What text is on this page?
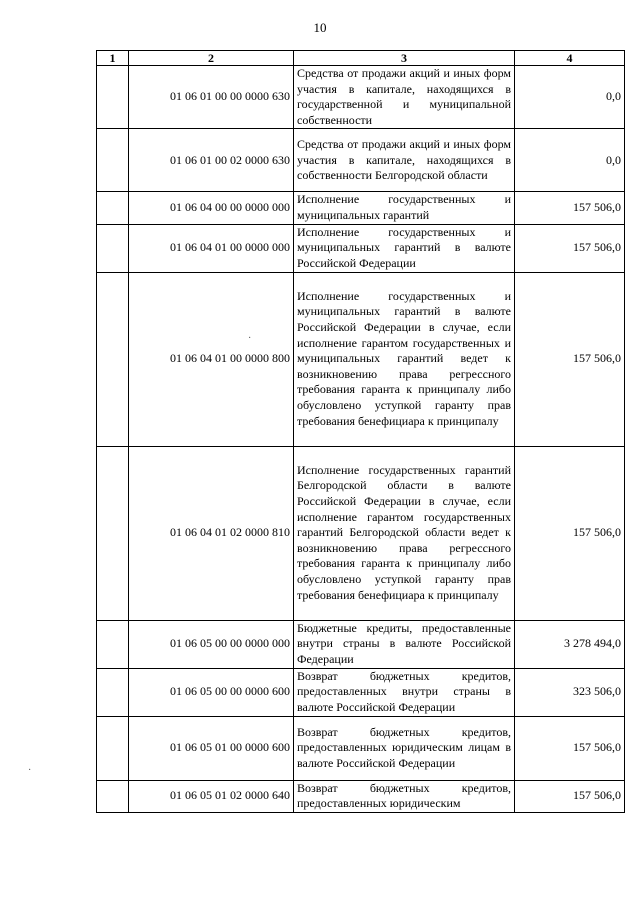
10
1	2	3	4
	01 06 01 00 00 0000 630	Средства от продажи акций и иных форм участия в капитале, находящихся в государственной и муниципальной собственности	0,0
	01 06 01 00 02 0000 630	Средства от продажи акций и иных форм участия в капитале, находящихся в собственности Белгородской области	0,0
	01 06 04 00 00 0000 000	Исполнение государственных и муниципальных гарантий	157 506,0
	01 06 04 01 00 0000 000	Исполнение государственных и муниципальных гарантий в валюте Российской Федерации	157 506,0
	01 06 04 01 00 0000 800	Исполнение государственных и муниципальных гарантий в валюте Российской Федерации в случае, если исполнение гарантом государственных и муниципальных гарантий ведет к возникновению права регрессного требования гаранта к принципалу либо обусловлено уступкой гаранту прав требования бенефициара к принципалу	157 506,0
	01 06 04 01 02 0000 810	Исполнение государственных гарантий Белгородской области в валюте Российской Федерации в случае, если исполнение гарантом государственных гарантий Белгородской области ведет к возникновению права регрессного требования гаранта к принципалу либо обусловлено уступкой гаранту прав требования бенефициара к принципалу	157 506,0
	01 06 05 00 00 0000 000	Бюджетные кредиты, предоставленные внутри страны в валюте Российской Федерации	3 278 494,0
	01 06 05 00 00 0000 600	Возврат бюджетных кредитов, предоставленных внутри страны в валюте Российской Федерации	323 506,0
	01 06 05 01 00 0000 600	Возврат бюджетных кредитов, предоставленных юридическим лицам в валюте Российской Федерации	157 506,0
	01 06 05 01 02 0000 640	Возврат бюджетных кредитов, предоставленных юридическим	157 506,0
·
·
